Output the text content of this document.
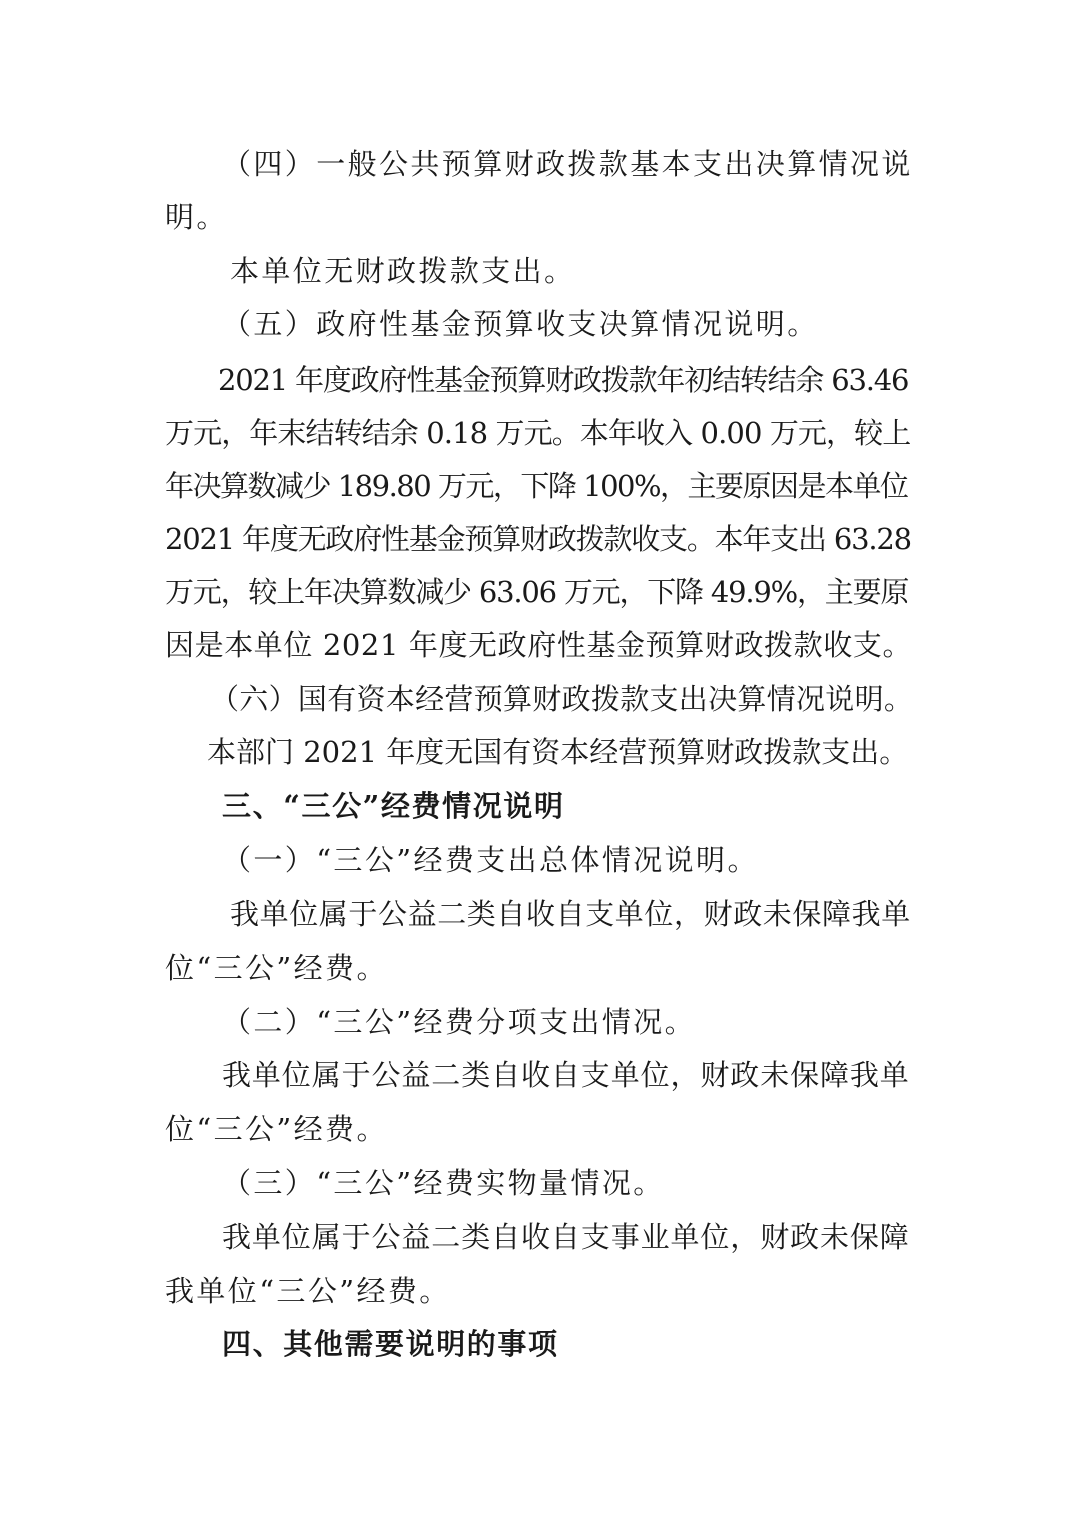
（四）一般公共预算财政拨款基本支出决算情况说
明。
本单位无财政拨款支出。
（五）政府性基金预算收支决算情况说明。
2021 年度政府性基金预算财政拨款年初结转结余 63.46
万元，年末结转结余 0.18 万元。本年收入 0.00 万元，较上
年决算数减少 189.80 万元，下降 100%，主要原因是本单位
2021 年度无政府性基金预算财政拨款收支。本年支出 63.28
万元，较上年决算数减少 63.06 万元，下降 49.9%，主要原
因是本单位 2021 年度无政府性基金预算财政拨款收支。
（六）国有资本经营预算财政拨款支出决算情况说明。
本部门 2021 年度无国有资本经营预算财政拨款支出。
三、“三公”经费情况说明
（一）“三公”经费支出总体情况说明。
我单位属于公益二类自收自支单位，财政未保障我单
位“三公”经费。
（二）“三公”经费分项支出情况。
我单位属于公益二类自收自支单位，财政未保障我单
位“三公”经费。
（三）“三公”经费实物量情况。
我单位属于公益二类自收自支事业单位，财政未保障
我单位“三公”经费。
四、其他需要说明的事项
